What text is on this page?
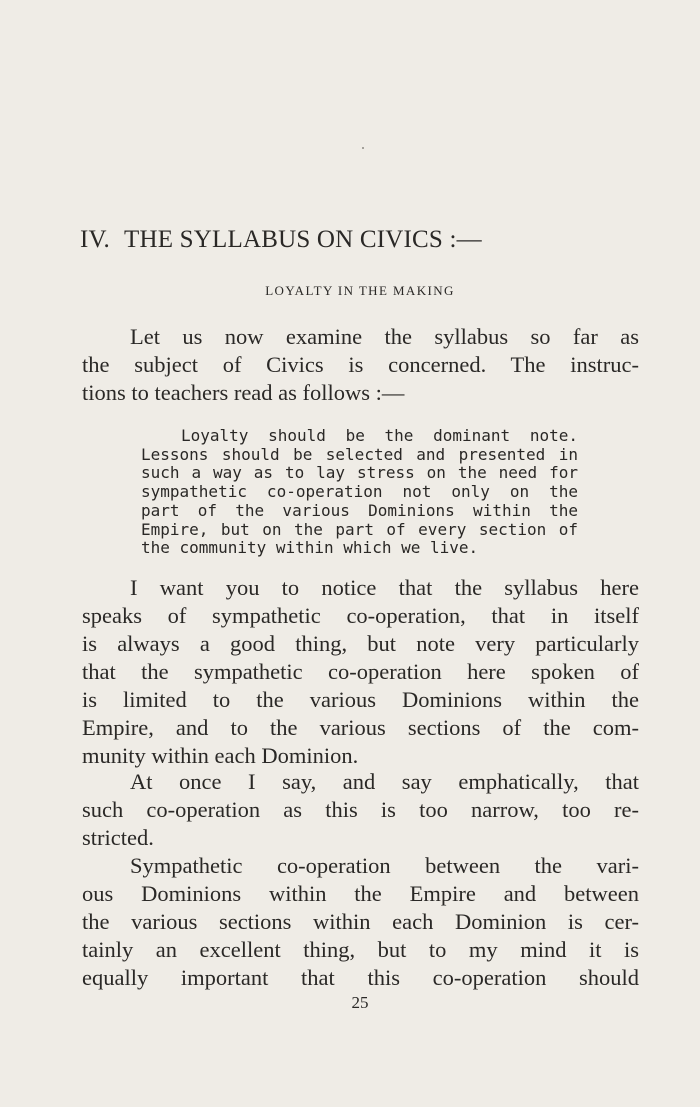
IV. THE SYLLABUS ON CIVICS :—
LOYALTY IN THE MAKING

Let us now examine the syllabus so far as
the subject of Civics is concerned. The instruc-
tions to teachers read as follows :—

Loyalty should be the dominant note.
Lessons should be selected and presented in
such a way as to lay stress on the need for
sympathetic co-operation not only on the
part of the various Dominions within the
Empire, but on the part of every section of
the community within which we live.

I want you to notice that the syllabus here
speaks of sympathetic co-operation, that in itself
is always a good thing, but note very particularly
that the sympathetic co-operation here spoken of
is limited to the various Dominions within the
Empire, and to the various sections of the com-
munity within each Dominion.

At once I say, and say emphatically, that
such co-operation as this is too narrow, too re-
stricted.

Sympathetic co-operation between the vari-
ous Dominions within the Empire and between
the various sections within each Dominion is cer-
tainly an excellent thing, but to my mind it is
equally important that this co-operation should

25
